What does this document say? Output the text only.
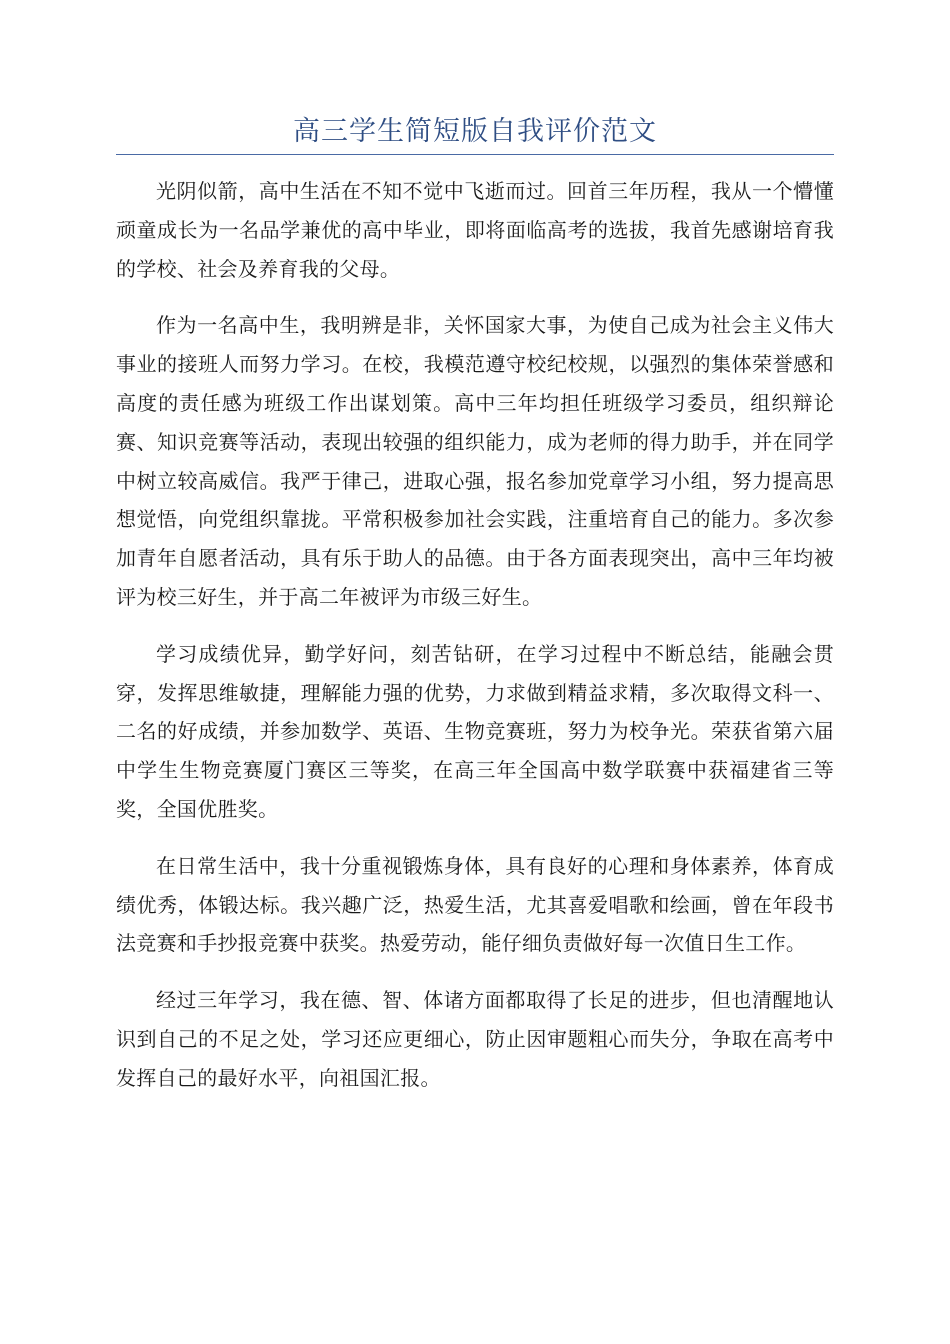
高三学生简短版自我评价范文

光阴似箭，高中生活在不知不觉中飞逝而过。回首三年历程，我从一个懵懂顽童成长为一名品学兼优的高中毕业，即将面临高考的选拔，我首先感谢培育我的学校、社会及养育我的父母。

作为一名高中生，我明辨是非，关怀国家大事，为使自己成为社会主义伟大事业的接班人而努力学习。在校，我模范遵守校纪校规，以强烈的集体荣誉感和高度的责任感为班级工作出谋划策。高中三年均担任班级学习委员，组织辩论赛、知识竞赛等活动，表现出较强的组织能力，成为老师的得力助手，并在同学中树立较高威信。我严于律己，进取心强，报名参加党章学习小组，努力提高思想觉悟，向党组织靠拢。平常积极参加社会实践，注重培育自己的能力。多次参加青年自愿者活动，具有乐于助人的品德。由于各方面表现突出，高中三年均被评为校三好生，并于高二年被评为市级三好生。

学习成绩优异，勤学好问，刻苦钻研，在学习过程中不断总结，能融会贯穿，发挥思维敏捷，理解能力强的优势，力求做到精益求精，多次取得文科一、二名的好成绩，并参加数学、英语、生物竞赛班，努力为校争光。荣获省第六届中学生生物竞赛厦门赛区三等奖，在高三年全国高中数学联赛中获福建省三等奖，全国优胜奖。

在日常生活中，我十分重视锻炼身体，具有良好的心理和身体素养，体育成绩优秀，体锻达标。我兴趣广泛，热爱生活，尤其喜爱唱歌和绘画，曾在年段书法竞赛和手抄报竞赛中获奖。热爱劳动，能仔细负责做好每一次值日生工作。

经过三年学习，我在德、智、体诸方面都取得了长足的进步，但也清醒地认识到自己的不足之处，学习还应更细心，防止因审题粗心而失分，争取在高考中发挥自己的最好水平，向祖国汇报。
